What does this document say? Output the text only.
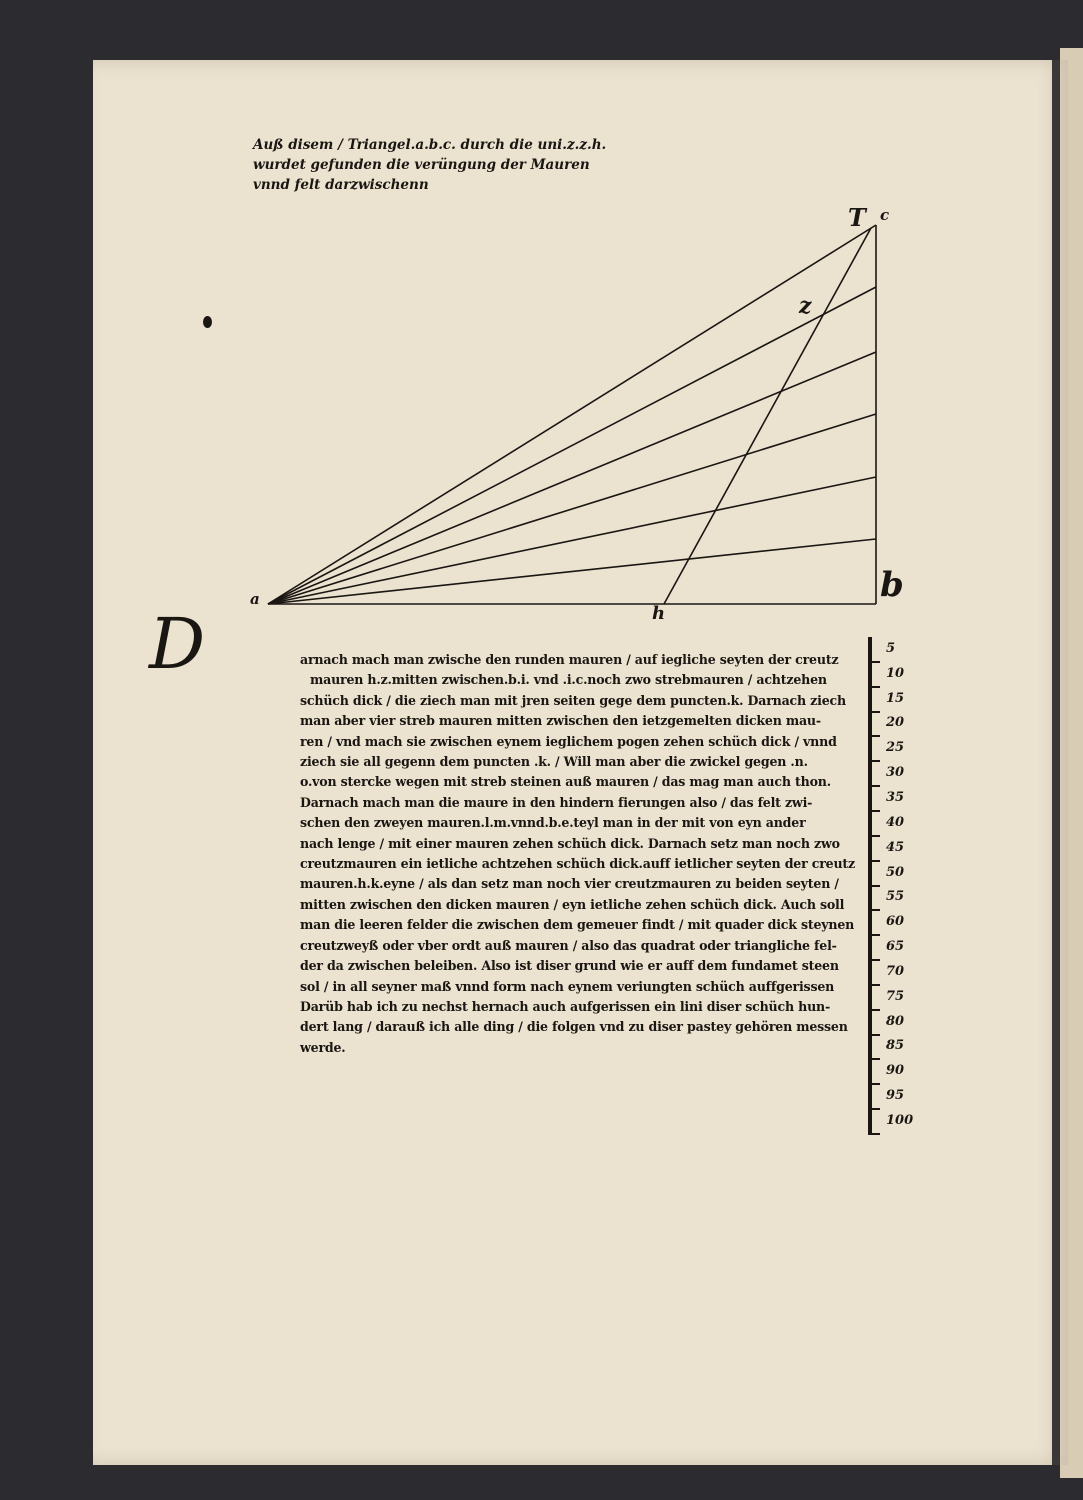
Auß disem / Triangel.a.b.c. durch die uni.z.z.h.
wurdet gefunden die verüngung der Mauren
vnnd felt darzwischenn
a	b
c
h
z
T
D	arnach mach man zwische den runden mauren / auf iegliche seyten der creutz
mauren h.z.mitten zwischen.b.i. vnd .i.c.noch zwo strebmauren / achtzehen
schüch dick / die ziech man mit jren seiten gege dem puncten.k. Darnach ziech
man aber vier streb mauren mitten zwischen den ietzgemelten dicken mau-
ren / vnd mach sie zwischen eynem ieglichem pogen zehen schüch dick / vnnd
ziech sie all gegenn dem puncten .k. / Will man aber die zwickel gegen .n.
o.von stercke wegen mit streb steinen auß mauren / das mag man auch thon.
Darnach mach man die maure in den hindern fierungen also / das felt zwi-
schen den zweyen mauren.l.m.vnnd.b.e.teyl man in der mit von eyn ander
nach lenge / mit einer mauren zehen schüch dick. Darnach setz man noch zwo
creutzmauren ein ietliche achtzehen schüch dick.auff ietlicher seyten der creutz
mauren.h.k.eyne / als dan setz man noch vier creutzmauren zu beiden seyten /
mitten zwischen den dicken mauren / eyn ietliche zehen schüch dick. Auch soll
man die leeren felder die zwischen dem gemeuer findt / mit quader dick steynen
creutzweyß oder vber ordt auß mauren / also das quadrat oder triangliche fel-
der da zwischen beleiben. Also ist diser grund wie er auff dem fundamet steen
sol / in all seyner maß vnnd form nach eynem veriungten schüch auffgerissen
Darüb hab ich zu nechst hernach auch aufgerissen ein lini diser schüch hun-
dert lang / darauß ich alle ding / die folgen vnd zu diser pastey gehören messen
werde.
5
10
15
20
25
30
35
40
45
50
55
60
65
70
75
80
85
90
95
100
